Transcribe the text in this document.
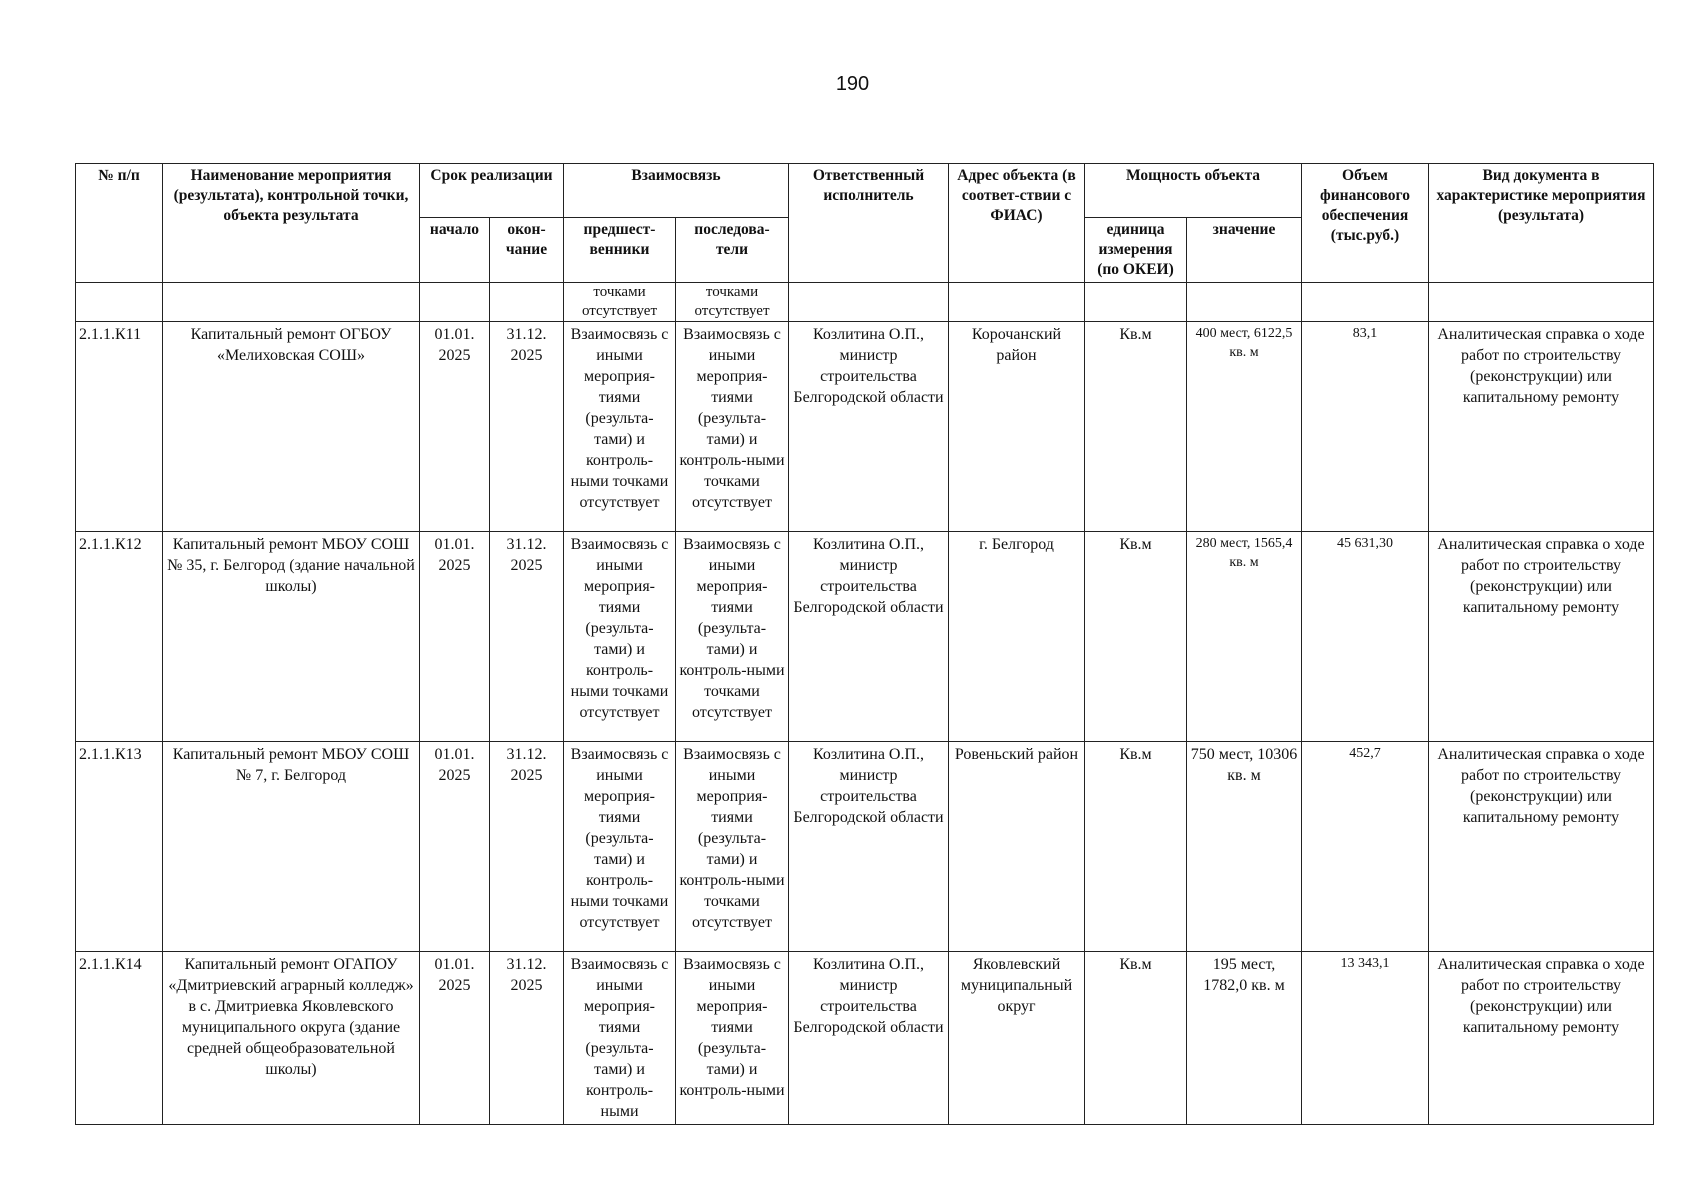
190
№ п/п	Наименование мероприятия (результата), контрольной точки, объекта результата	Срок реализации		Взаимосвязь		Ответственный исполнитель	Адрес объекта (в соответ-ствии с ФИАС)	Мощность объекта		Объем финансового обеспечения (тыс.руб.)	Вид документа в характеристике мероприятия (результата)
		начало	окон-чание	предшест-венники	последова-тели			единица измерения (по ОКЕИ)	значение		
				точками отсутствует	точками отсутствует						
2.1.1.К11	Капитальный ремонт ОГБОУ «Мелиховская СОШ»	01.01. 2025	31.12. 2025	Взаимосвязь с иными мероприя-тиями (результа-тами) и контроль-ными точками отсутствует	Взаимосвязь с иными мероприя-тиями (результа-тами) и контроль-ными точками отсутствует	Козлитина О.П., министр строительства Белгородской области	Корочанский район	Кв.м	400 мест, 6122,5 кв. м	83,1	Аналитическая справка о ходе работ по строительству (реконструкции) или капитальному ремонту
2.1.1.К12	Капитальный ремонт МБОУ СОШ № 35, г. Белгород (здание начальной школы)	01.01. 2025	31.12. 2025	Взаимосвязь с иными мероприя-тиями (результа-тами) и контроль-ными точками отсутствует	Взаимосвязь с иными мероприя-тиями (результа-тами) и контроль-ными точками отсутствует	Козлитина О.П., министр строительства Белгородской области	г. Белгород	Кв.м	280 мест, 1565,4 кв. м	45 631,30	Аналитическая справка о ходе работ по строительству (реконструкции) или капитальному ремонту
2.1.1.К13	Капитальный ремонт МБОУ СОШ № 7, г. Белгород	01.01. 2025	31.12. 2025	Взаимосвязь с иными мероприя-тиями (результа-тами) и контроль-ными точками отсутствует	Взаимосвязь с иными мероприя-тиями (результа-тами) и контроль-ными точками отсутствует	Козлитина О.П., министр строительства Белгородской области	Ровеньский район	Кв.м	750 мест, 10306 кв. м	452,7	Аналитическая справка о ходе работ по строительству (реконструкции) или капитальному ремонту
2.1.1.К14	Капитальный ремонт ОГАПОУ «Дмитриевский аграрный колледж» в с. Дмитриевка Яковлевского муниципального округа (здание средней общеобразовательной школы)	01.01. 2025	31.12. 2025	Взаимосвязь с иными мероприя-тиями (результа-тами) и контроль-ными	Взаимосвязь с иными мероприя-тиями (результа-тами) и контроль-ными	Козлитина О.П., министр строительства Белгородской области	Яковлевский муниципальный округ	Кв.м	195 мест, 1782,0 кв. м	13 343,1	Аналитическая справка о ходе работ по строительству (реконструкции) или капитальному ремонту
